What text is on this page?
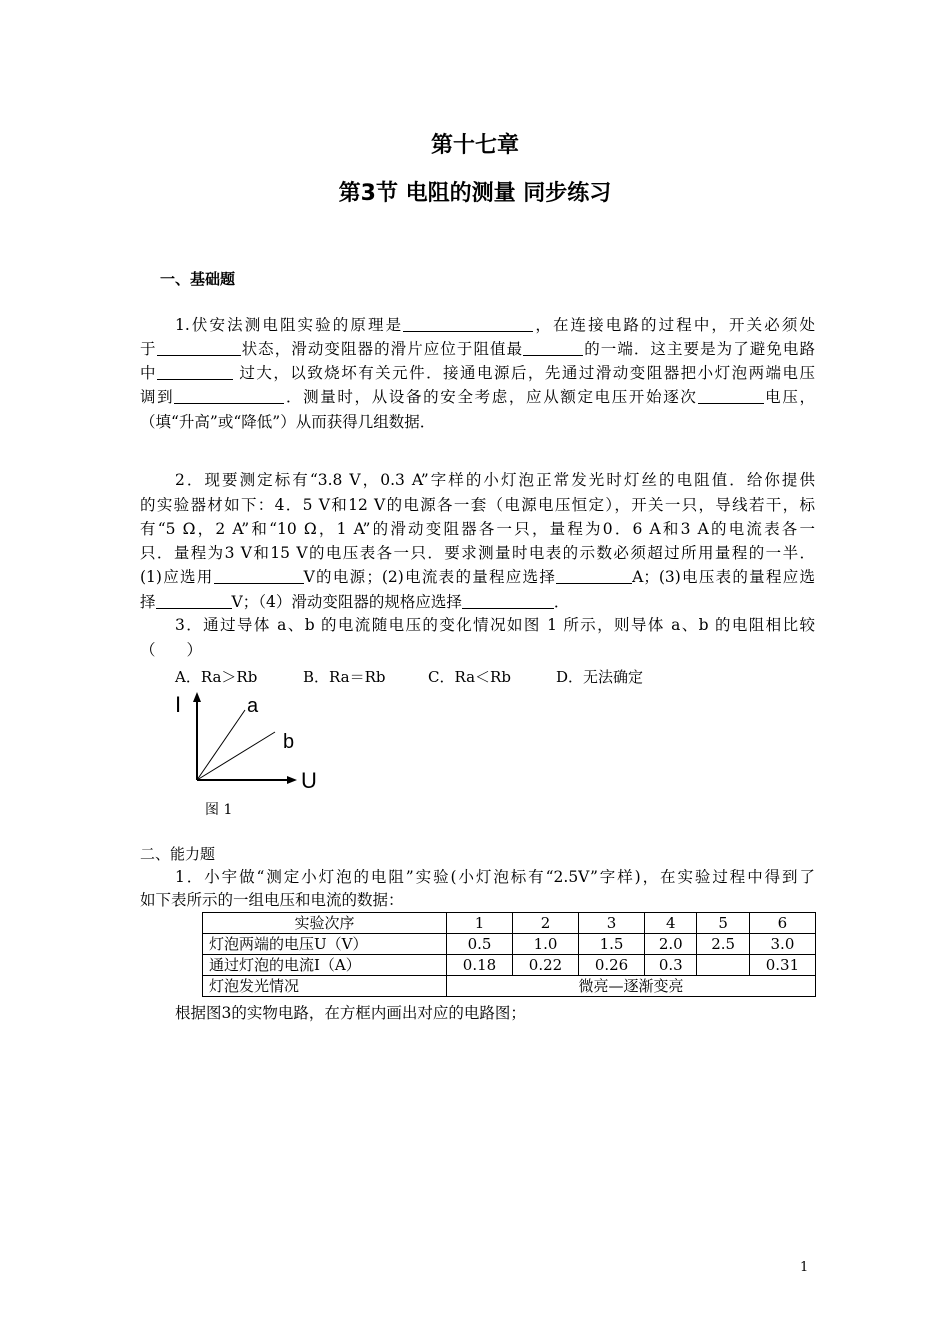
第十七章
第3节 电阻的测量 同步练习
一、基础题
1.伏安法测电阻实验的原理是	，在连接电路的过程中，开关必须处
于	状态，滑动变阻器的滑片应位于阻值最	的一端．这主要是为了避免电路
中	过大，以致烧坏有关元件．接通电源后，先通过滑动变阻器把小灯泡两端电压
调到	．测量时，从设备的安全考虑，应从额定电压开始逐次	电压，
（填“升高”或“降低”）从而获得几组数据．
2．现要测定标有“3.8 V，0.3 A”字样的小灯泡正常发光时灯丝的电阻值．给你提供
的实验器材如下：4．5 V和12 V的电源各一套（电源电压恒定），开关一只，导线若干，标
有“5 Ω，2 A”和“10 Ω，1 A”的滑动变阻器各一只，量程为0．6 A和3 A的电流表各一
只．量程为3 V和15 V的电压表各一只．要求测量时电表的示数必须超过所用量程的一半．
(1)应选用	V的电源；(2)电流表的量程应选择	A；(3)电压表的量程应选
择	V；（4）滑动变阻器的规格应选择	．
3．通过导体 a、b 的电流随电压的变化情况如图 1 所示，则导体 a、b 的电阻相比较
（　　）
A．Ra＞Rb	B．Ra＝Rb	C．Ra＜Rb	D．无法确定
I
U
a
b
图 1
二、能力题
1．小宇做“测定小灯泡的电阻”实验(小灯泡标有“2.5V”字样)，在实验过程中得到了
如下表所示的一组电压和电流的数据：
实验次序	1	2	3	4	5	6
灯泡两端的电压U（V）	0.5	1.0	1.5	2.0	2.5	3.0
通过灯泡的电流I（A）	0.18	0.22	0.26	0.3		0.31
灯泡发光情况	微亮—逐渐变亮					
根据图3的实物电路，在方框内画出对应的电路图；
1
